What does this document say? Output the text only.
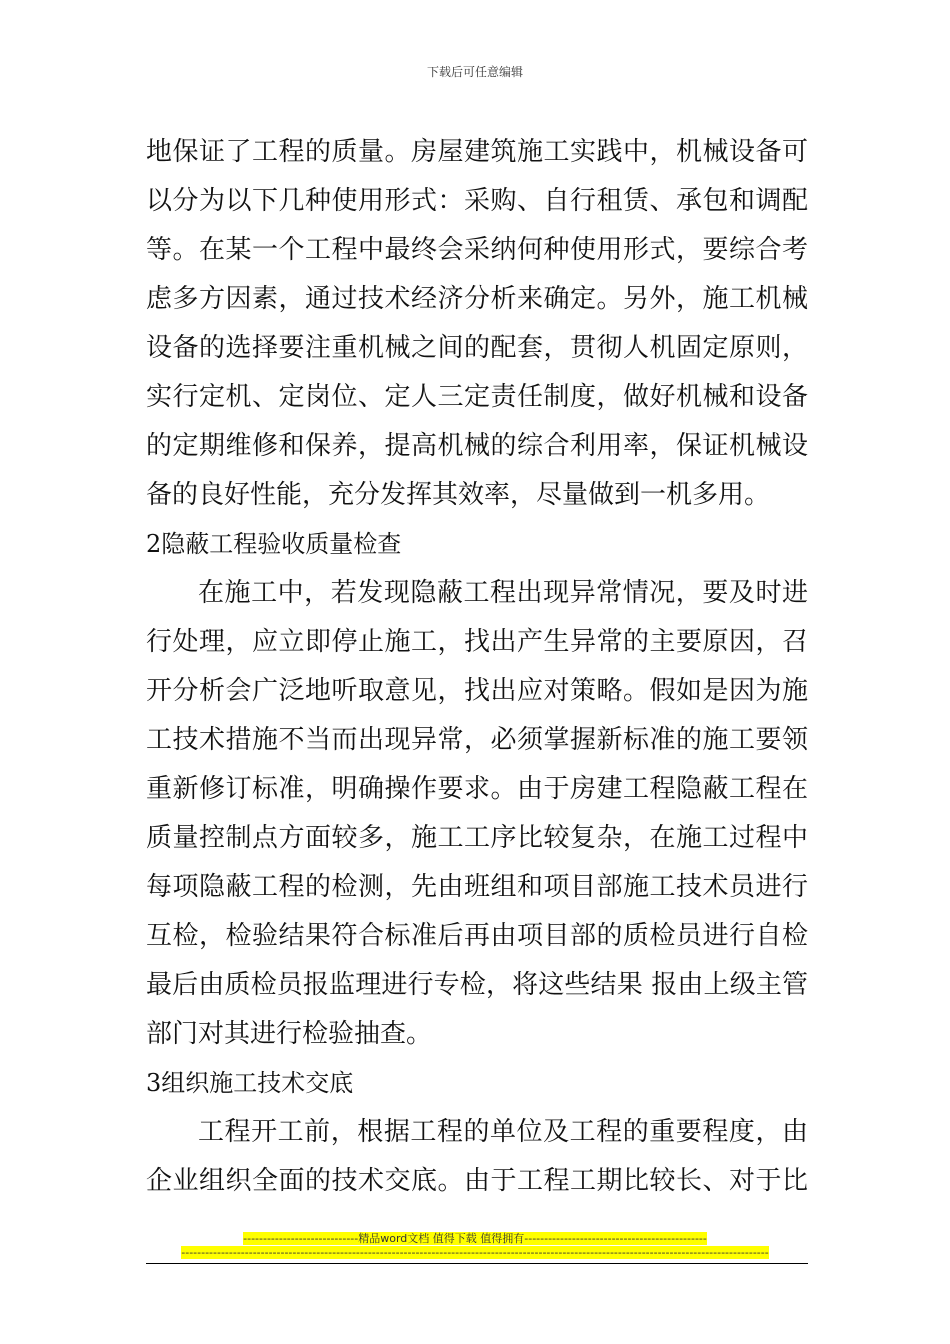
下载后可任意编辑
地保证了工程的质量。房屋建筑施工实践中，机械设备可
以分为以下几种使用形式：采购、自行租赁、承包和调配
等。在某一个工程中最终会采纳何种使用形式，要综合考
虑多方因素，通过技术经济分析来确定。另外，施工机械
设备的选择要注重机械之间的配套，贯彻人机固定原则，
实行定机、定岗位、定人三定责任制度，做好机械和设备
的定期维修和保养，提高机械的综合利用率，保证机械设
备的良好性能，充分发挥其效率，尽量做到一机多用。
2隐蔽工程验收质量检查
在施工中，若发现隐蔽工程出现异常情况，要及时进
行处理，应立即停止施工，找出产生异常的主要原因，召
开分析会广泛地听取意见，找出应对策略。假如是因为施
工技术措施不当而出现异常，必须掌握新标准的施工要领
重新修订标准，明确操作要求。由于房建工程隐蔽工程在
质量控制点方面较多，施工工序比较复杂，在施工过程中
每项隐蔽工程的检测，先由班组和项目部施工技术员进行
互检，检验结果符合标准后再由项目部的质检员进行自检
最后由质检员报监理进行专检，将这些结果 报由上级主管
部门对其进行检验抽查。
3组织施工技术交底
工程开工前，根据工程的单位及工程的重要程度，由
企业组织全面的技术交底。由于工程工期比较长、对于比
-----------------------------精品word文档 值得下载 值得拥有----------------------------------------------
----------------------------------------------------------------------------------------------------------------------------------------------------
